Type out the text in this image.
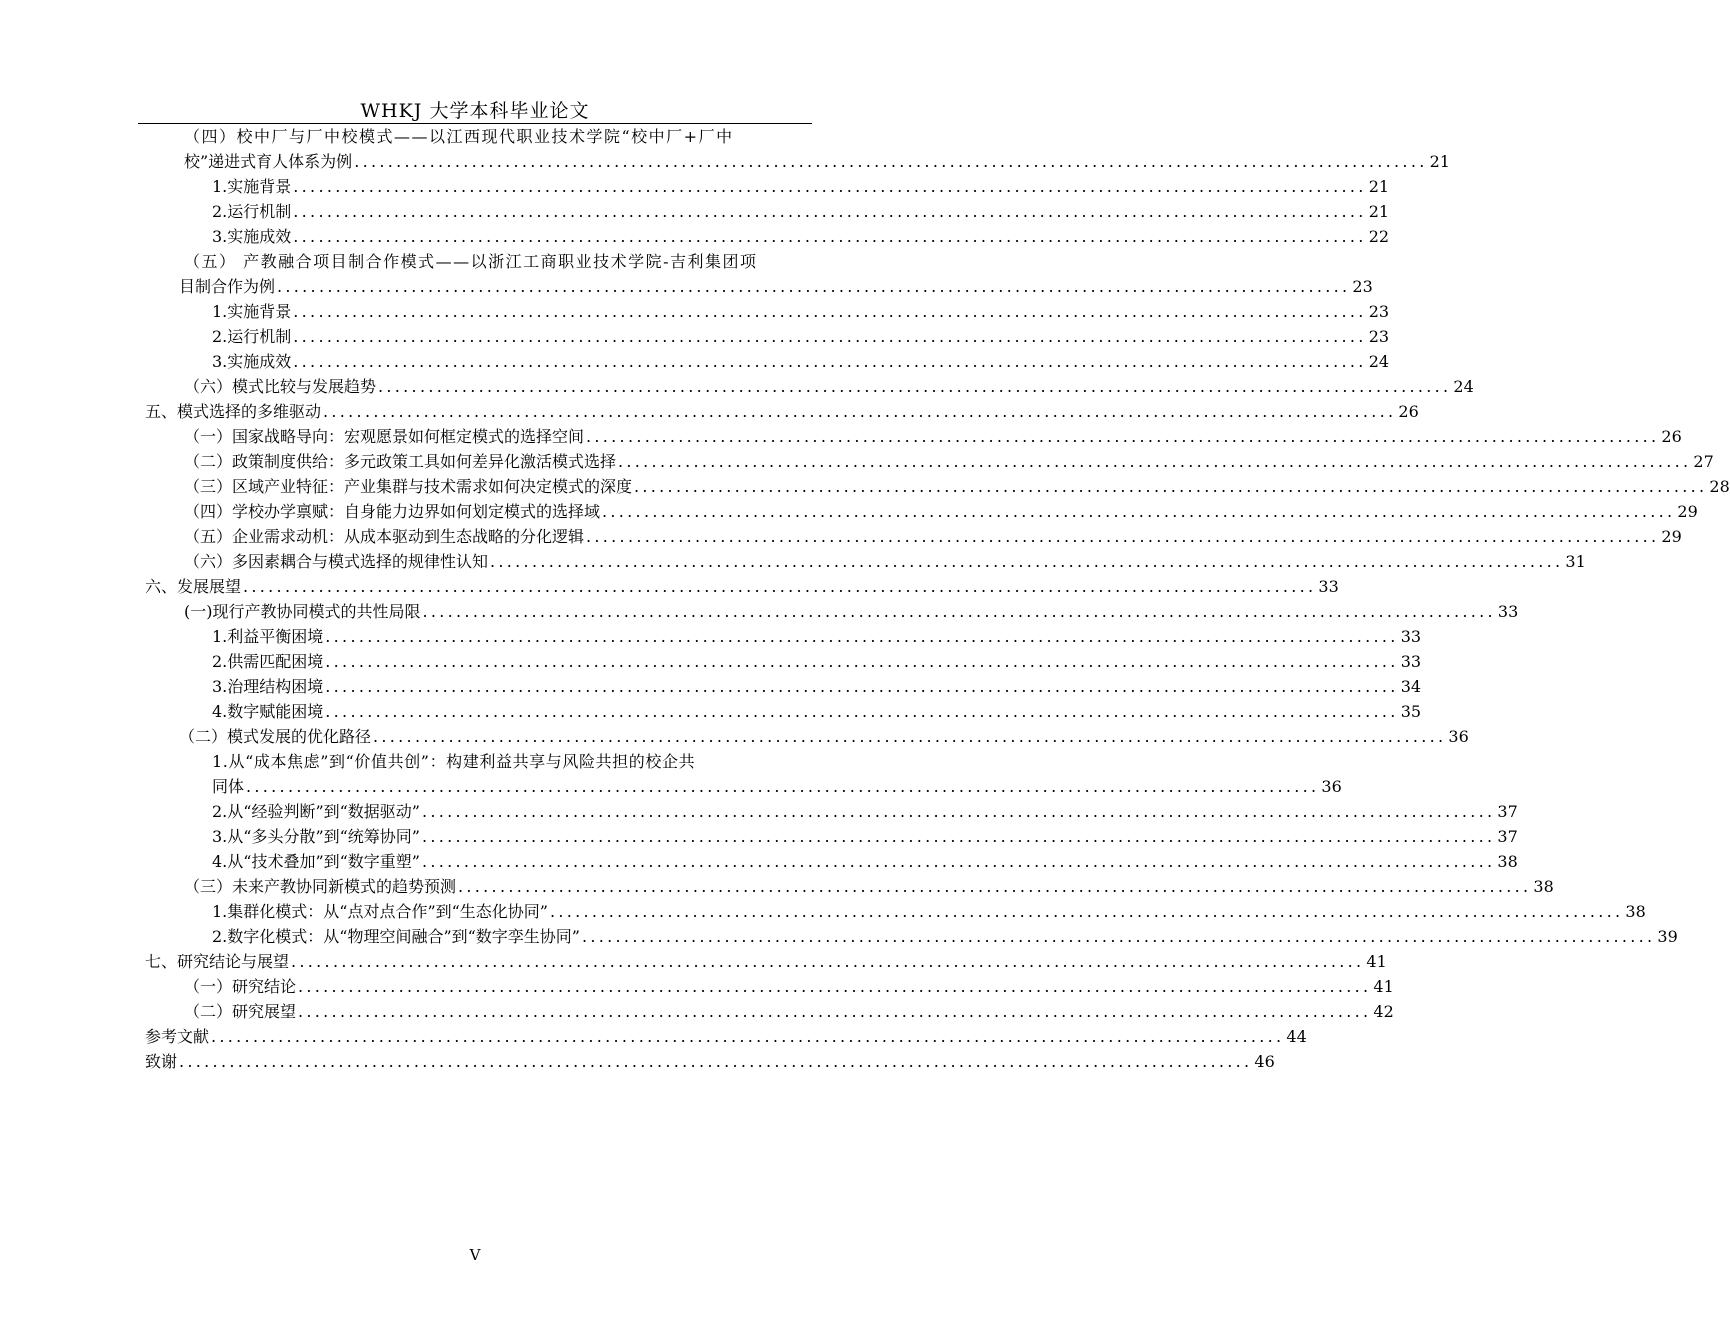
WHKJ 大学本科毕业论文
（四）校中厂与厂中校模式——以江西现代职业技术学院“校中厂+厂中
校”递进式育人体系为例 ................................................................................................................................ 21
1.实施背景 ................................................................................................................................ 21
2.运行机制 ................................................................................................................................ 21
3.实施成效 ................................................................................................................................ 22
（五） 产教融合项目制合作模式——以浙江工商职业技术学院-吉利集团项
目制合作为例 ................................................................................................................................ 23
1.实施背景 ................................................................................................................................ 23
2.运行机制 ................................................................................................................................ 23
3.实施成效 ................................................................................................................................ 24
（六）模式比较与发展趋势 ................................................................................................................................ 24
五、模式选择的多维驱动 ................................................................................................................................ 26
（一）国家战略导向：宏观愿景如何框定模式的选择空间 ................................................................................................................................ 26
（二）政策制度供给：多元政策工具如何差异化激活模式选择 ................................................................................................................................ 27
（三）区域产业特征：产业集群与技术需求如何决定模式的深度 ................................................................................................................................ 28
（四）学校办学禀赋：自身能力边界如何划定模式的选择域 ................................................................................................................................ 29
（五）企业需求动机：从成本驱动到生态战略的分化逻辑 ................................................................................................................................ 29
（六）多因素耦合与模式选择的规律性认知 ................................................................................................................................ 31
六、发展展望 ................................................................................................................................ 33
(一)现行产教协同模式的共性局限 ................................................................................................................................ 33
1.利益平衡困境 ................................................................................................................................ 33
2.供需匹配困境 ................................................................................................................................ 33
3.治理结构困境 ................................................................................................................................ 34
4.数字赋能困境 ................................................................................................................................ 35
（二）模式发展的优化路径 ................................................................................................................................ 36
1.从“成本焦虑”到“价值共创”：构建利益共享与风险共担的校企共
同体 ................................................................................................................................ 36
2.从“经验判断”到“数据驱动” ................................................................................................................................ 37
3.从“多头分散”到“统筹协同” ................................................................................................................................ 37
4.从“技术叠加”到“数字重塑” ................................................................................................................................ 38
（三）未来产教协同新模式的趋势预测 ................................................................................................................................ 38
1.集群化模式：从“点对点合作”到“生态化协同” ................................................................................................................................ 38
2.数字化模式：从“物理空间融合”到“数字孪生协同” ................................................................................................................................ 39
七、研究结论与展望 ................................................................................................................................ 41
（一）研究结论 ................................................................................................................................ 41
（二）研究展望 ................................................................................................................................ 42
参考文献 ................................................................................................................................ 44
致谢 ................................................................................................................................ 46
V
